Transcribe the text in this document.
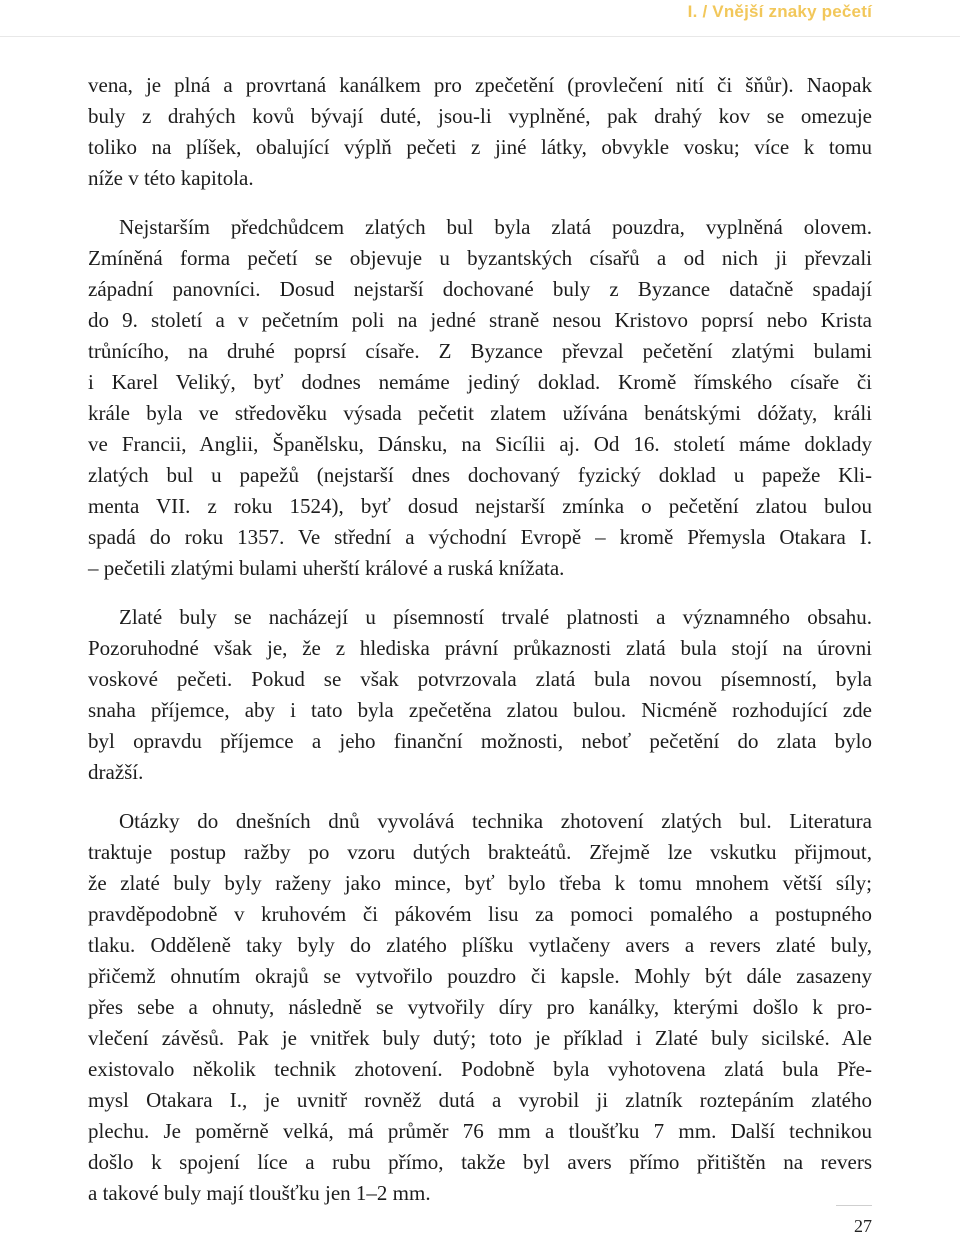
I. / Vnější znaky pečetí
vena, je plná a provrtaná kanálkem pro zpečetění (provlečení nití či šňůr). Naopak
buly z drahých kovů bývají duté, jsou-li vyplněné, pak drahý kov se omezuje
toliko na plíšek, obalující výplň pečeti z jiné látky, obvykle vosku; více k tomu
níže v této kapitola.
Nejstarším předchůdcem zlatých bul byla zlatá pouzdra, vyplněná olovem.
Zmíněná forma pečetí se objevuje u byzantských císařů a od nich ji převzali
západní panovníci. Dosud nejstarší dochované buly z Byzance datačně spadají
do 9. století a v pečetním poli na jedné straně nesou Kristovo poprsí nebo Krista
trůnícího, na druhé poprsí císaře. Z Byzance převzal pečetění zlatými bulami
i Karel Veliký, byť dodnes nemáme jediný doklad. Kromě římského císaře či
krále byla ve středověku výsada pečetit zlatem užívána benátskými dóžaty, králi
ve Francii, Anglii, Španělsku, Dánsku, na Sicílii aj. Od 16. století máme doklady
zlatých bul u papežů (nejstarší dnes dochovaný fyzický doklad u papeže Kli-
menta VII. z roku 1524), byť dosud nejstarší zmínka o pečetění zlatou bulou
spadá do roku 1357. Ve střední a východní Evropě – kromě Přemysla Otakara I.
– pečetili zlatými bulami uherští králové a ruská knížata.
Zlaté buly se nacházejí u písemností trvalé platnosti a významného obsahu.
Pozoruhodné však je, že z hlediska právní průkaznosti zlatá bula stojí na úrovni
voskové pečeti. Pokud se však potvrzovala zlatá bula novou písemností, byla
snaha příjemce, aby i tato byla zpečetěna zlatou bulou. Nicméně rozhodující zde
byl opravdu příjemce a jeho finanční možnosti, neboť pečetění do zlata bylo
dražší.
Otázky do dnešních dnů vyvolává technika zhotovení zlatých bul. Literatura
traktuje postup ražby po vzoru dutých brakteátů. Zřejmě lze vskutku přijmout,
že zlaté buly byly raženy jako mince, byť bylo třeba k tomu mnohem větší síly;
pravděpodobně v kruhovém či pákovém lisu za pomoci pomalého a postupného
tlaku. Odděleně taky byly do zlatého plíšku vytlačeny avers a revers zlaté buly,
přičemž ohnutím okrajů se vytvořilo pouzdro či kapsle. Mohly být dále zasazeny
přes sebe a ohnuty, následně se vytvořily díry pro kanálky, kterými došlo k pro-
vlečení závěsů. Pak je vnitřek buly dutý; toto je příklad i Zlaté buly sicilské. Ale
existovalo několik technik zhotovení. Podobně byla vyhotovena zlatá bula Pře-
mysl Otakara I., je uvnitř rovněž dutá a vyrobil ji zlatník roztepáním zlatého
plechu. Je poměrně velká, má průměr 76 mm a tloušťku 7 mm. Další technikou
došlo k spojení líce a rubu přímo, takže byl avers přímo přitištěn na revers
a takové buly mají tloušťku jen 1–2 mm.
27
